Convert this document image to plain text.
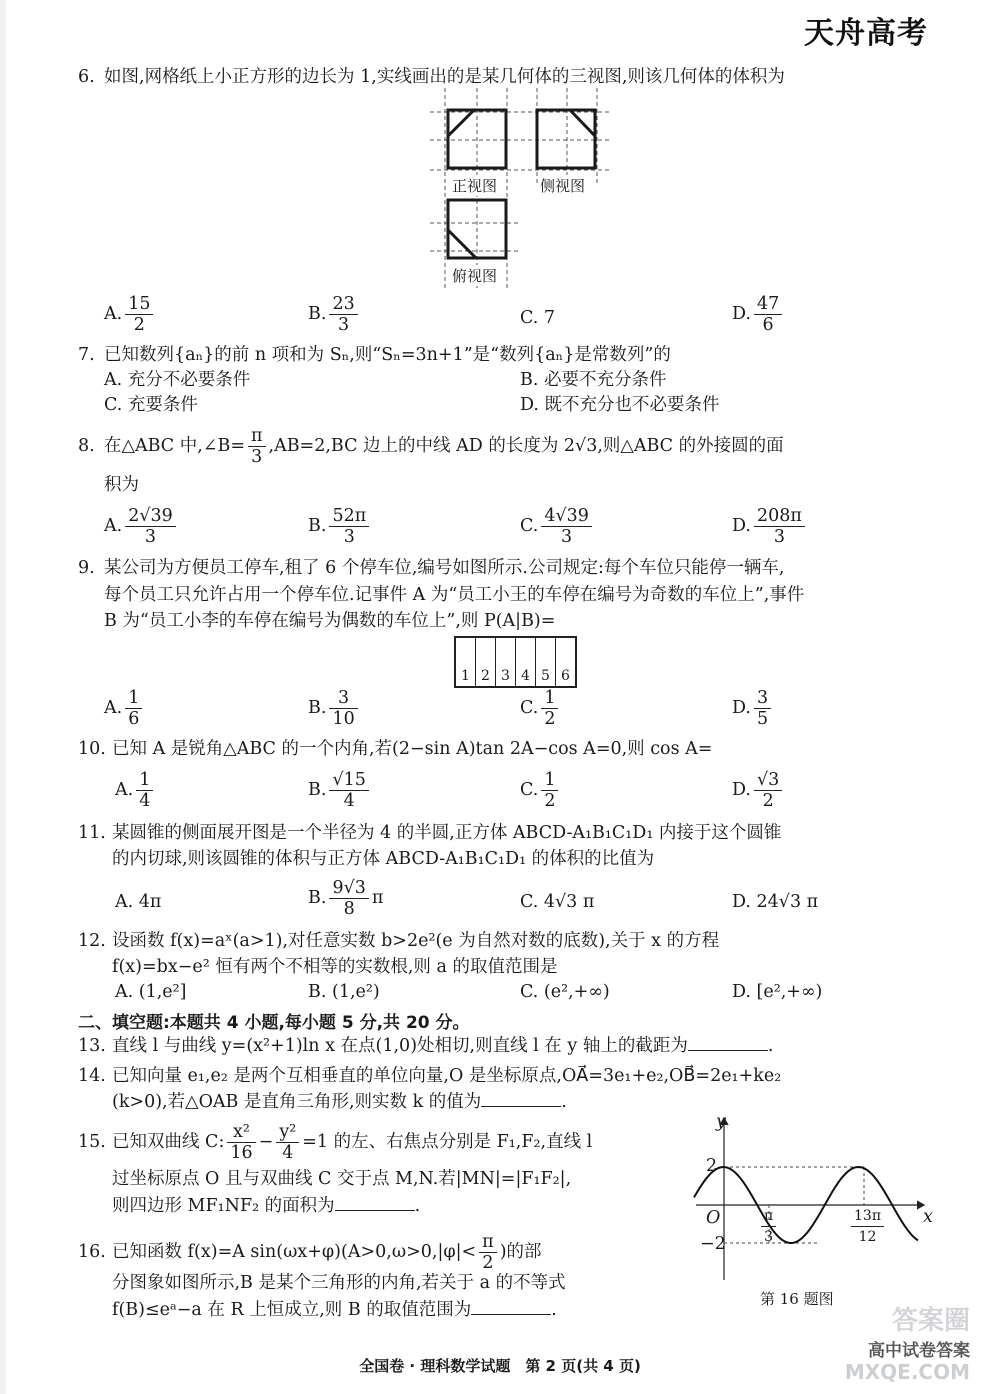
天舟高考
6. 如图,网格纸上小正方形的边长为 1,实线画出的是某几何体的三视图,则该几何体的体积为
正视图	侧视图
俯视图
A. $\frac{15}{2}$	B. $\frac{23}{3}$	C. 7	D. $\frac{47}{6}$
7. 已知数列{aₙ}的前 n 项和为 Sₙ,则“Sₙ=3n+1”是“数列{aₙ}是常数列”的
A. 充分不必要条件	B. 必要不充分条件
C. 充要条件	D. 既不充分也不必要条件
8. 在△ABC 中,∠B= $\frac{\pi}{3} ,AB=2,BC$ 边上的中线 AD 的长度为 2√3,则△ABC 的外接圆的面
积为
A. $\frac{2√39}{3}$	B. $\frac{52\pi}{3}$	C. $\frac{4√39}{3}$	D. $\frac{208\pi}{3}$
9. 某公司为方便员工停车,租了 6 个停车位,编号如图所示.公司规定:每个车位只能停一辆车,
每个员工只允许占用一个停车位.记事件 A 为“员工小王的车停在编号为奇数的车位上”,事件
B 为“员工小李的车停在编号为偶数的车位上”,则 P(A|B)=
1 2 3 4 5 6
A. $\frac{1}{6}$	B. $\frac{3}{10}$	C. $\frac{1}{2}$	D. $\frac{3}{5}$
10. 已知 A 是锐角△ABC 的一个内角,若(2−sin A)tan 2A−cos A=0,则 cos A=
A. $\frac{1}{4}$	B. $\frac{√15}{4}$	C. $\frac{1}{2}$	D. $\frac{√3}{2}$
11. 某圆锥的侧面展开图是一个半径为 4 的半圆,正方体 ABCD-A₁B₁C₁D₁ 内接于这个圆锥
的内切球,则该圆锥的体积与正方体 ABCD-A₁B₁C₁D₁ 的体积的比值为
A. 4π	B. $\frac{9√3}{8}$ π	C. 4√3 π	D. 24√3 π
12. 设函数 f(x)=aˣ(a>1),对任意实数 b>2e²(e 为自然对数的底数),关于 x 的方程
f(x)=bx−e² 恒有两个不相等的实数根,则 a 的取值范围是
A. (1,e²]	B. (1,e²)	C. (e²,+∞)	D. [e²,+∞)
二、填空题:本题共 4 小题,每小题 5 分,共 20 分。
13. 直线 l 与曲线 y=(x²+1)ln x 在点(1,0)处相切,则直线 l 在 y 轴上的截距为	.
14. 已知向量 e₁,e₂ 是两个互相垂直的单位向量,O 是坐标原点,OA⃗=3e₁+e₂,OB⃗=2e₁+ke₂
(k>0),若△OAB 是直角三角形,则实数 k 的值为	.
15. 已知双曲线 C: $\frac{\text{x²}}{16} - \frac{\text{y²}}{4} =1$ 的左、右焦点分别是 F₁,F₂,直线 l
过坐标原点 O 且与双曲线 C 交于点 M,N.若|MN|=|F₁F₂|,
则四边形 MF₁NF₂ 的面积为	.
16. 已知函数 f(x)=A $\sin(\omega x+\varphi)(A>0,\omega>0,|\varphi|< \frac{\pi}{2}$ )的部
分图象如图所示,B 是某个三角形的内角,若关于 a 的不等式
f(B)≤eᵃ−a 在 R 上恒成立,则 B 的取值范围为	.
y
x
O
2
−2	$\frac{\pi}{3}$	$\frac{13\pi}{12}$
第 16 题图
全国卷 · 理科数学试题　第 2 页(共 4 页)
答案圈
高中试卷答案
MXQE.COM
